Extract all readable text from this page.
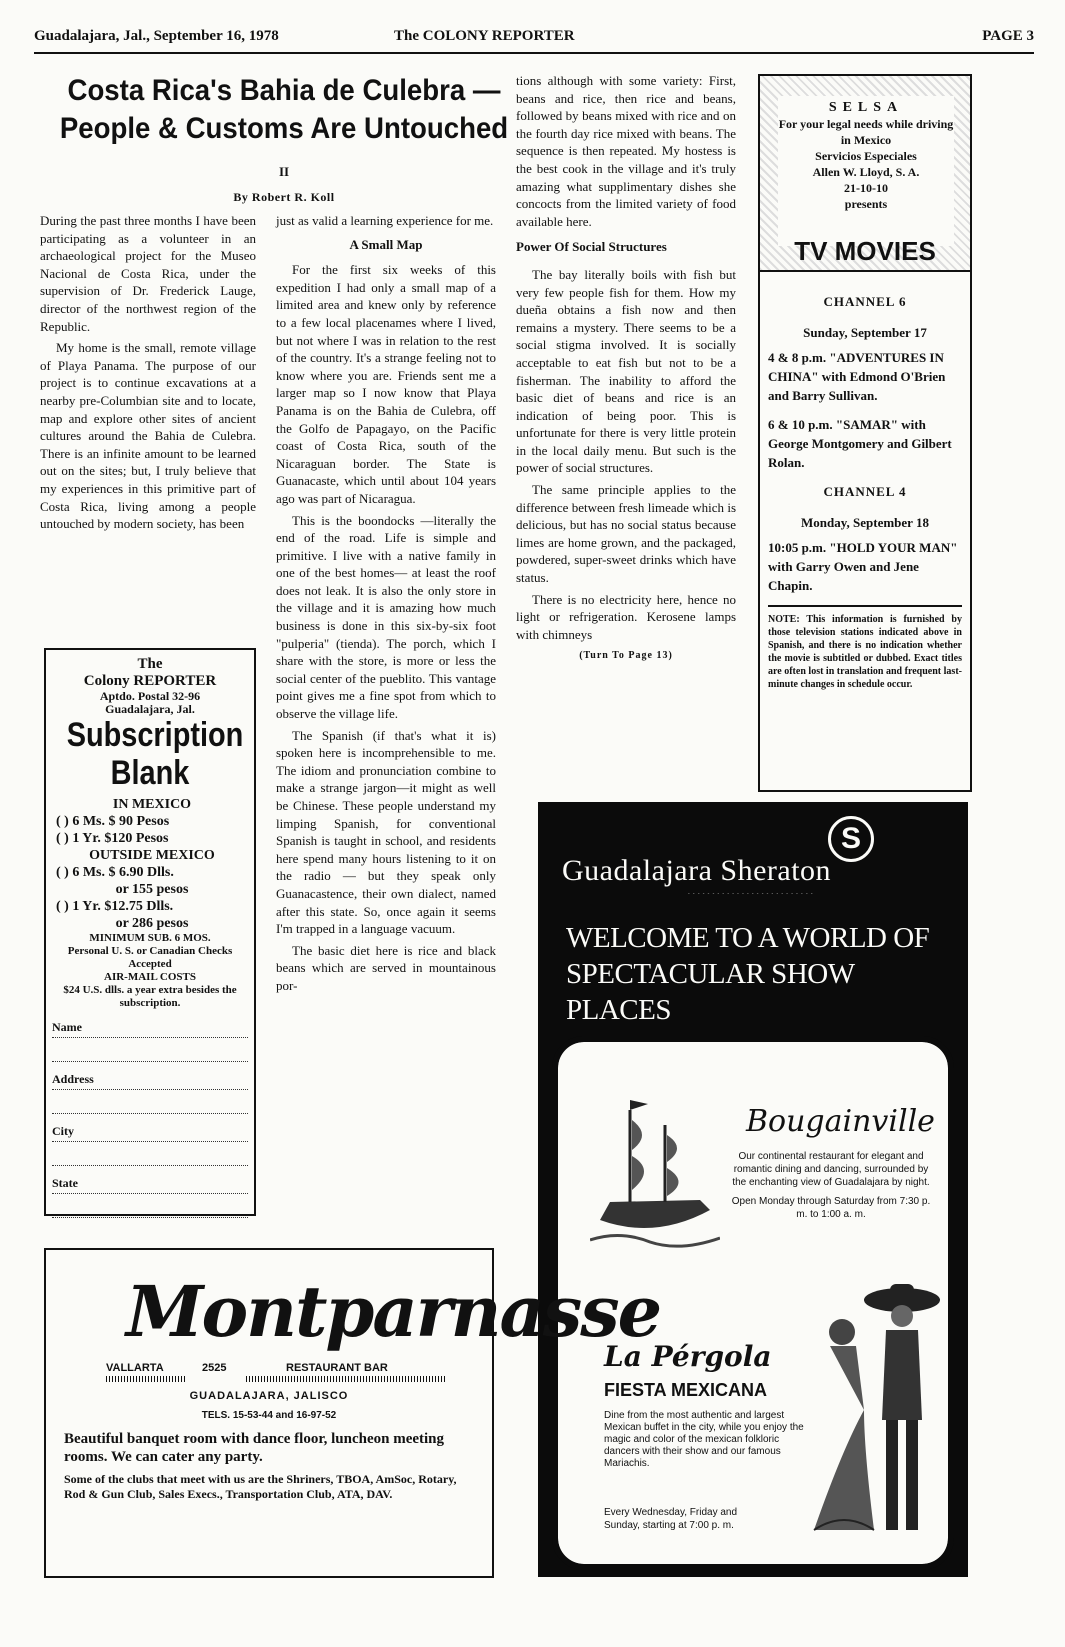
Guadalajara, Jal., September 16, 1978	The COLONY REPORTER	PAGE 3
Costa Rica's Bahia de Culebra —
People & Customs Are Untouched
II
By Robert R. Koll

During the past three months I have been participating as a volunteer in an archaeological project for the Museo Nacional de Costa Rica, under the supervision of Dr. Frederick Lauge, director of the northwest region of the Republic.

My home is the small, remote village of Playa Panama. The purpose of our project is to continue excavations at a nearby pre-Columbian site and to locate, map and explore other sites of ancient cultures around the Bahia de Culebra. There is an infinite amount to be learned out on the sites; but, I truly believe that my experiences in this primitive part of Costa Rica, living among a people untouched by modern society, has been

just as valid a learning experience for me.

A Small Map

For the first six weeks of this expedition I had only a small map of a limited area and knew only by reference to a few local placenames where I lived, but not where I was in relation to the rest of the country. It's a strange feeling not to know where you are. Friends sent me a larger map so I now know that Playa Panama is on the Bahia de Culebra, off the Golfo de Papagayo, on the Pacific coast of Costa Rica, south of the Nicaraguan border. The State is Guanacaste, which until about 104 years ago was part of Nicaragua.

This is the boondocks —literally the end of the road. Life is simple and primitive. I live with a native family in one of the best homes— at least the roof does not leak. It is also the only store in the village and it is amazing how much business is done in this six-by-six foot "pulperia" (tienda). The porch, which I share with the store, is more or less the social center of the pueblito. This vantage point gives me a fine spot from which to observe the village life.

The Spanish (if that's what it is) spoken here is incomprehensible to me. The idiom and pronunciation combine to make a strange jargon—it might as well be Chinese. These people understand my limping Spanish, for conventional Spanish is taught in school, and residents here spend many hours listening to it on the radio — but they speak only Guanacastence, their own dialect, named after this state. So, once again it seems I'm trapped in a language vacuum.

The basic diet here is rice and black beans which are served in mountainous por-

tions although with some variety: First, beans and rice, then rice and beans, followed by beans mixed with rice and on the fourth day rice mixed with beans. The sequence is then repeated. My hostess is the best cook in the village and it's truly amazing what supplimentary dishes she concocts from the limited variety of food available here.

Power Of Social Structures

The bay literally boils with fish but very few people fish for them. How my dueña obtains a fish now and then remains a mystery. There seems to be a social stigma involved. It is socially acceptable to eat fish but not to be a fisherman. The inability to afford the basic diet of beans and rice is an indication of being poor. This is unfortunate for there is very little protein in the local daily menu. But such is the power of social structures.

The same principle applies to the difference between fresh limeade which is delicious, but has no social status because limes are home grown, and the packaged, powdered, super-sweet drinks which have status.

There is no electricity here, hence no light or refrigeration. Kerosene lamps with chimneys

(Turn To Page 13)
The
Colony REPORTER
Aptdo. Postal 32-96
Guadalajara, Jal.
Subscription
Blank
IN MEXICO
( ) 6 Ms. $ 90 Pesos
( ) 1 Yr. $120 Pesos
OUTSIDE MEXICO
( ) 6 Ms. $ 6.90 Dlls.
or 155 pesos
( ) 1 Yr. $12.75 Dlls.
or 286 pesos
MINIMUM SUB. 6 MOS.
Personal U. S. or Canadian Checks Accepted
AIR-MAIL COSTS
$24 U.S. dlls. a year extra besides the subscription.
Name
Address
City
State
SELSA
For your legal needs while driving in Mexico
Servicios Especiales
Allen W. Lloyd, S. A.
21-10-10
presents
TV MOVIES
CHANNEL 6
Sunday, September 17
4 & 8 p.m. "ADVENTURES IN CHINA" with Edmond O'Brien and Barry Sullivan.
6 & 10 p.m. "SAMAR" with George Montgomery and Gilbert Rolan.
CHANNEL 4
Monday, September 18
10:05 p.m. "HOLD YOUR MAN" with Garry Owen and Jene Chapin.
NOTE: This information is furnished by those television stations indicated above in Spanish, and there is no indication whether the movie is subtitled or dubbed. Exact titles are often lost in translation and frequent last-minute changes in schedule occur.
S
Guadalajara Sheraton
- - - - - - - - - - - - - - - - - - - - - - - - - -
WELCOME TO A WORLD OF SPECTACULAR SHOW PLACES
Bougainville
Our continental restaurant for elegant and romantic dining and dancing, surrounded by the enchanting view of Guadalajara by night.
Open Monday through Saturday from 7:30 p. m. to 1:00 a. m.
La Pérgola
FIESTA MEXICANA
Dine from the most authentic and largest Mexican buffet in the city, while you enjoy the magic and color of the mexican folkloric dancers with their show and our famous Mariachis.
Every Wednesday, Friday and Sunday, starting at 7:00 p. m.
Montparnasse
VALLARTA	2525	RESTAURANT BAR
GUADALAJARA, JALISCO
TELS. 15-53-44 and 16-97-52
Beautiful banquet room with dance floor, luncheon meeting rooms. We can cater any party.
Some of the clubs that meet with us are the Shriners, TBOA, AmSoc, Rotary, Rod & Gun Club, Sales Execs., Transportation Club, ATA, DAV.
